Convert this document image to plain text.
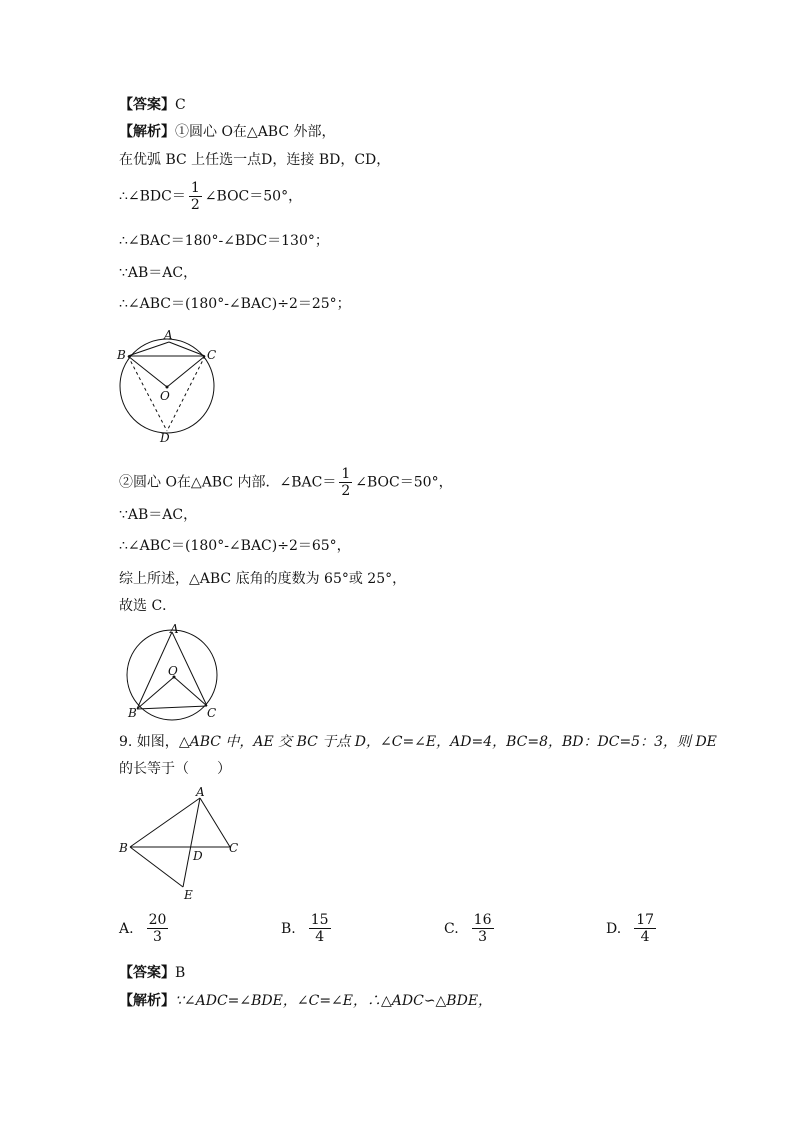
【答案】C
【解析】①圆心 O在△ABC 外部，
在优弧 BC 上任选一点D，连接 BD，CD，
∴∠BDC＝ $\frac{1}{2}$ ∠BOC＝50°，
∴∠BAC＝180°-∠BDC＝130°；
∵AB＝AC，
∴∠ABC＝(180°-∠BAC)÷2＝25°；
A
B	C
O
D
②圆心 O在△ABC 内部．∠BAC＝ $\frac{1}{2}$ ∠BOC＝50°，
∵AB＝AC，
∴∠ABC＝(180°-∠BAC)÷2＝65°，
综上所述，△ABC 底角的度数为 65°或 25°，
故选 C．
A
O
B	C
9. 如图，△ABC 中，AE 交 BC 于点 D，∠C=∠E，AD=4，BC=8，BD：DC=5：3，则 DE
的长等于（　　）
A
B	C
D
E
A. $\frac{20}{3}$	B. $\frac{15}{4}$	C. $\frac{16}{3}$	D. $\frac{17}{4}$
【答案】B
【解析】∵∠ADC=∠BDE，∠C=∠E，∴△ADC∽△BDE，
